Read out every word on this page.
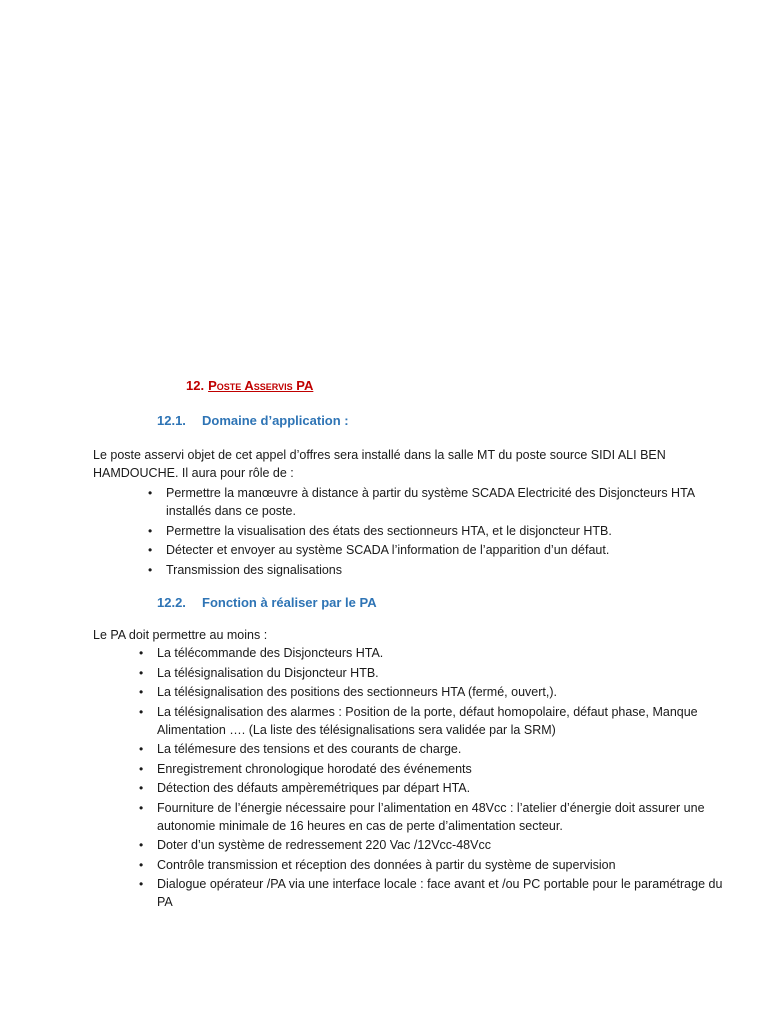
12. Poste Asservis PA
12.1. Domaine d’application :
Le poste asservi objet de cet appel d’offres sera installé dans la salle MT du poste source SIDI ALI BEN HAMDOUCHE. Il aura pour rôle de :
• Permettre la manœuvre à distance à partir du système SCADA Electricité des Disjoncteurs HTA installés dans ce poste.
• Permettre la visualisation des états des sectionneurs HTA, et le disjoncteur HTB.
• Détecter et envoyer au système SCADA l’information de l’apparition d’un défaut.
• Transmission des signalisations
12.2. Fonction à réaliser par le PA
Le PA doit permettre au moins :
• La télécommande des Disjoncteurs HTA.
• La télésignalisation du Disjoncteur HTB.
• La télésignalisation des positions des sectionneurs HTA (fermé, ouvert,).
• La télésignalisation des alarmes : Position de la porte, défaut homopolaire, défaut phase, Manque Alimentation …. (La liste des télésignalisations sera validée par la SRM)
• La télémesure des tensions et des courants de charge.
• Enregistrement chronologique horodaté des événements
• Détection des défauts ampèremétriques par départ HTA.
• Fourniture de l’énergie nécessaire pour l’alimentation en 48Vcc : l’atelier d’énergie doit assurer une autonomie minimale de 16 heures en cas de perte d’alimentation secteur.
• Doter d’un système de redressement 220 Vac /12Vcc-48Vcc
• Contrôle transmission et réception des données à partir du système de supervision
• Dialogue opérateur /PA via une interface locale : face avant et /ou PC portable pour le paramétrage du PA
